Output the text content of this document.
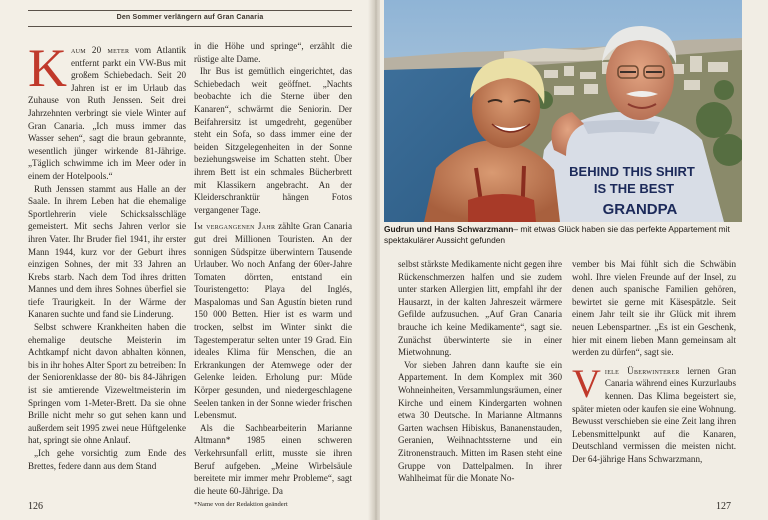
Den Sommer verlängern auf Gran Canaria

Kaum 20 meter vom Atlantik entfernt parkt ein VW-Bus mit großem Schiebedach. Seit 20 Jahren ist er im Urlaub das Zuhause von Ruth Jenssen. Seit drei Jahrzehnten verbringt sie viele Winter auf Gran Canaria. „Ich muss immer das Wasser sehen“, sagt die braun gebrannte, wesentlich jünger wirkende 81-Jährige. „Täglich schwimme ich im Meer oder in einem der Hotelpools.“

Ruth Jenssen stammt aus Halle an der Saale. In ihrem Leben hat die ehemalige Sportlehrerin viele Schicksalsschläge gemeistert. Mit sechs Jahren verlor sie ihren Vater. Ihr Bruder fiel 1941, ihr erster Mann 1944, kurz vor der Geburt ihres einzigen Sohnes, der mit 33 Jahren an Krebs starb. Nach dem Tod ihres dritten Mannes und dem ihres Sohnes überfiel sie tiefe Traurigkeit. In der Wärme der Kanaren suchte und fand sie Linderung.

Selbst schwere Krankheiten haben die ehemalige deutsche Meisterin im Achtkampf nicht davon abhalten können, bis in ihr hohes Alter Sport zu betreiben: In der Seniorenklasse der 80- bis 84-Jährigen ist sie amtierende Vizeweltmeisterin im Springen vom 1-Meter-Brett. Da sie ohne Brille nicht mehr so gut sehen kann und außerdem seit 1995 zwei neue Hüftgelenke hat, springt sie ohne Anlauf.

„Ich gehe vorsichtig zum Ende des Brettes, federe dann aus dem Stand

in die Höhe und springe“, erzählt die rüstige alte Dame.

Ihr Bus ist gemütlich eingerichtet, das Schiebedach weit geöffnet. „Nachts beobachte ich die Sterne über den Kanaren“, schwärmt die Seniorin. Der Beifahrersitz ist umgedreht, gegenüber steht ein Sofa, so dass immer eine der beiden Sitzgelegenheiten in der Sonne beziehungsweise im Schatten steht. Über ihrem Bett ist ein schmales Bücherbrett mit Klassikern angebracht. An der Kleiderschranktür hängen Fotos vergangener Tage.

Im vergangenen Jahr zählte Gran Canaria gut drei Millionen Touristen. An der sonnigen Südspitze überwintern Tausende Urlauber. Wo noch Anfang der 60er-Jahre Tomaten dörrten, entstand ein Touristengetto: Playa del Inglés, Maspalomas und San Agustín bieten rund 150 000 Betten. Hier ist es warm und trocken, selbst im Winter sinkt die Tagestemperatur selten unter 19 Grad. Ein ideales Klima für Menschen, die an Erkrankungen der Atemwege oder der Gelenke leiden. Erholung pur: Müde Körper gesunden, und niedergeschlagene Seelen tanken in der Sonne wieder frischen Lebensmut.

Als die Sachbearbeiterin Marianne Altmann* 1985 einen schweren Verkehrsunfall erlitt, musste sie ihren Beruf aufgeben. „Meine Wirbelsäule bereitete mir immer mehr Probleme“, sagt die heute 60-Jährige. Da

*Name von der Redaktion geändert
126
BEHIND THIS SHIRT
IS THE BEST
GRANDPA
Gudrun und Hans Schwarzmann– mit etwas Glück haben sie das perfekte Appartement mit spektakulärer Aussicht gefunden

selbst stärkste Medikamente nicht gegen ihre Rückenschmerzen halfen und sie zudem unter starken Allergien litt, empfahl ihr der Hausarzt, in der kalten Jahreszeit wärmere Gefilde aufzusuchen. „Auf Gran Canaria brauche ich keine Medikamente“, sagt sie. Zunächst überwinterte sie in einer Mietwohnung.

Vor sieben Jahren dann kaufte sie ein Appartement. In dem Komplex mit 360 Wohneinheiten, Versammlungsräumen, einer Kirche und einem Kindergarten wohnen etwa 30 Deutsche. In Marianne Altmanns Garten wachsen Hibiskus, Bananenstauden, Geranien, Weihnachtssterne und ein Zitronenstrauch. Mitten im Rasen steht eine Gruppe von Dattelpalmen. In ihrer Wahlheimat für die Monate No-

vember bis Mai fühlt sich die Schwäbin wohl. Ihre vielen Freunde auf der Insel, zu denen auch spanische Familien gehören, bewirtet sie gerne mit Käsespätzle. Seit einem Jahr teilt sie ihr Glück mit ihrem neuen Lebenspartner. „Es ist ein Geschenk, hier mit einem lieben Mann gemeinsam alt werden zu dürfen“, sagt sie.

Viele Überwinterer lernen Gran Canaria während eines Kurzurlaubs kennen. Das Klima begeistert sie, später mieten oder kaufen sie eine Wohnung. Bewusst verschieben sie eine Zeit lang ihren Lebensmittelpunkt auf die Kanaren, Deutschland vermissen die meisten nicht. Der 64-jährige Hans Schwarzmann,

127
